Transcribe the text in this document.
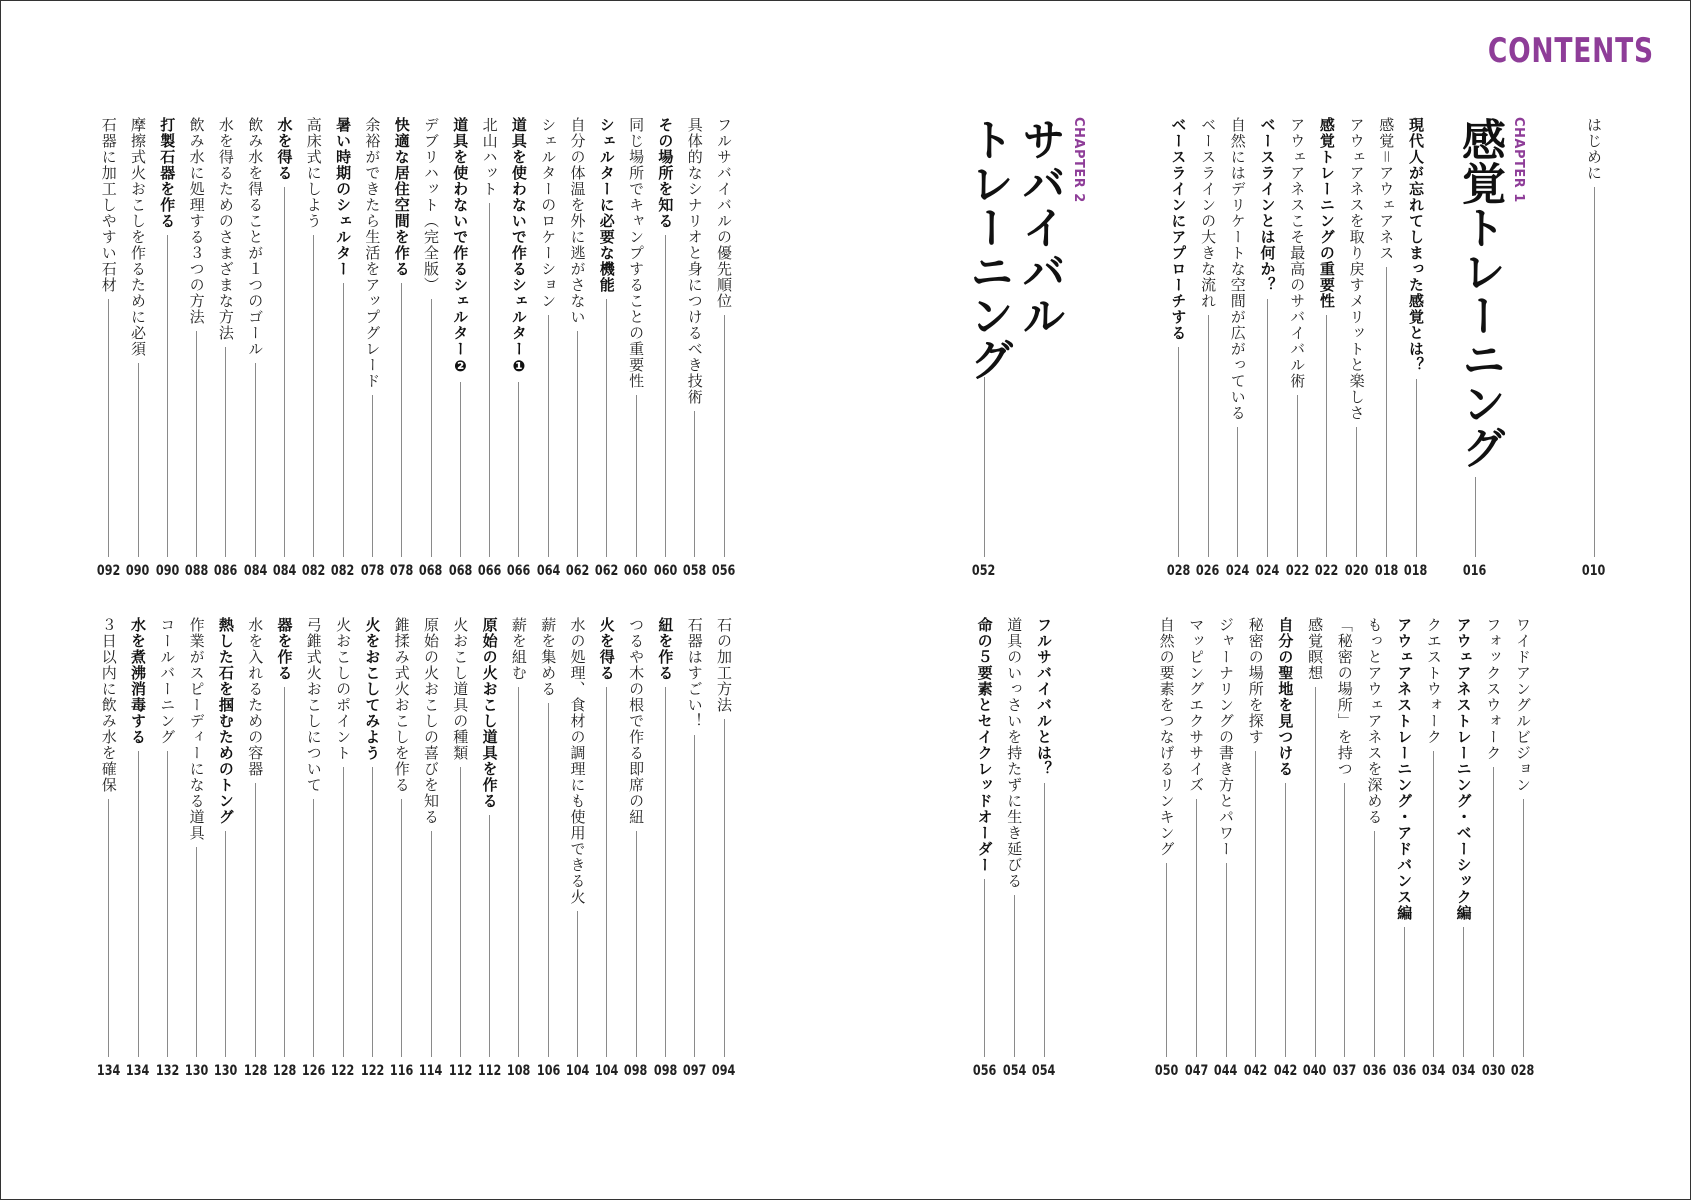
CONTENTS
はじめに
010
CHAPTER 1
感覚トレーニング
016
CHAPTER 2
サバイバル
トレーニング
052
現代人が忘れてしまった感覚とは？
018
感覚＝アウェアネス
018
アウェアネスを取り戻すメリットと楽しさ
020
感覚トレーニングの重要性
022
アウェアネスこそ最高のサバイバル術
022
ベースラインとは何か？
024
自然にはデリケートな空間が広がっている
024
ベースラインの大きな流れ
026
ベースラインにアプローチする
028
ワイドアングルビジョン
028
フォックスウォーク
030
アウェアネストレーニング・ベーシック編
034
クエストウォーク
034
アウェアネストレーニング・アドバンス編
036
もっとアウェアネスを深める
036
「秘密の場所」を持つ
037
感覚瞑想
040
自分の聖地を見つける
042
秘密の場所を探す
042
ジャーナリングの書き方とパワー
044
マッピングエクササイズ
047
自然の要素をつなげるリンキング
050
フルサバイバルとは？
054
道具のいっさいを持たずに生き延びる
054
命の５要素とセイクレッドオーダー
056
フルサバイバルの優先順位
056
具体的なシナリオと身につけるべき技術
058
その場所を知る
060
同じ場所でキャンプすることの重要性
060
シェルターに必要な機能
062
自分の体温を外に逃がさない
062
シェルターのロケーション
064
道具を使わないで作るシェルター❶
066
北山ハット
066
道具を使わないで作るシェルター❷
068
デブリハット（完全版）
068
快適な居住空間を作る
078
余裕ができたら生活をアップグレード
078
暑い時期のシェルター
082
高床式にしよう
082
水を得る
084
飲み水を得ることが１つのゴール
084
水を得るためのさまざまな方法
086
飲み水に処理する３つの方法
088
打製石器を作る
090
摩擦式火おこしを作るために必須
090
石器に加工しやすい石材
092
石の加工方法
094
石器はすごい！
097
紐を作る
098
つるや木の根で作る即席の紐
098
火を得る
104
水の処理、食材の調理にも使用できる火
104
薪を集める
106
薪を組む
108
原始の火おこし道具を作る
112
火おこし道具の種類
112
原始の火おこしの喜びを知る
114
錐揉み式火おこしを作る
116
火をおこしてみよう
122
火おこしのポイント
122
弓錐式火おこしについて
126
器を作る
128
水を入れるための容器
128
熱した石を掴むためのトング
130
作業がスピーディーになる道具
130
コールバーニング
132
水を煮沸消毒する
134
３日以内に飲み水を確保
134
